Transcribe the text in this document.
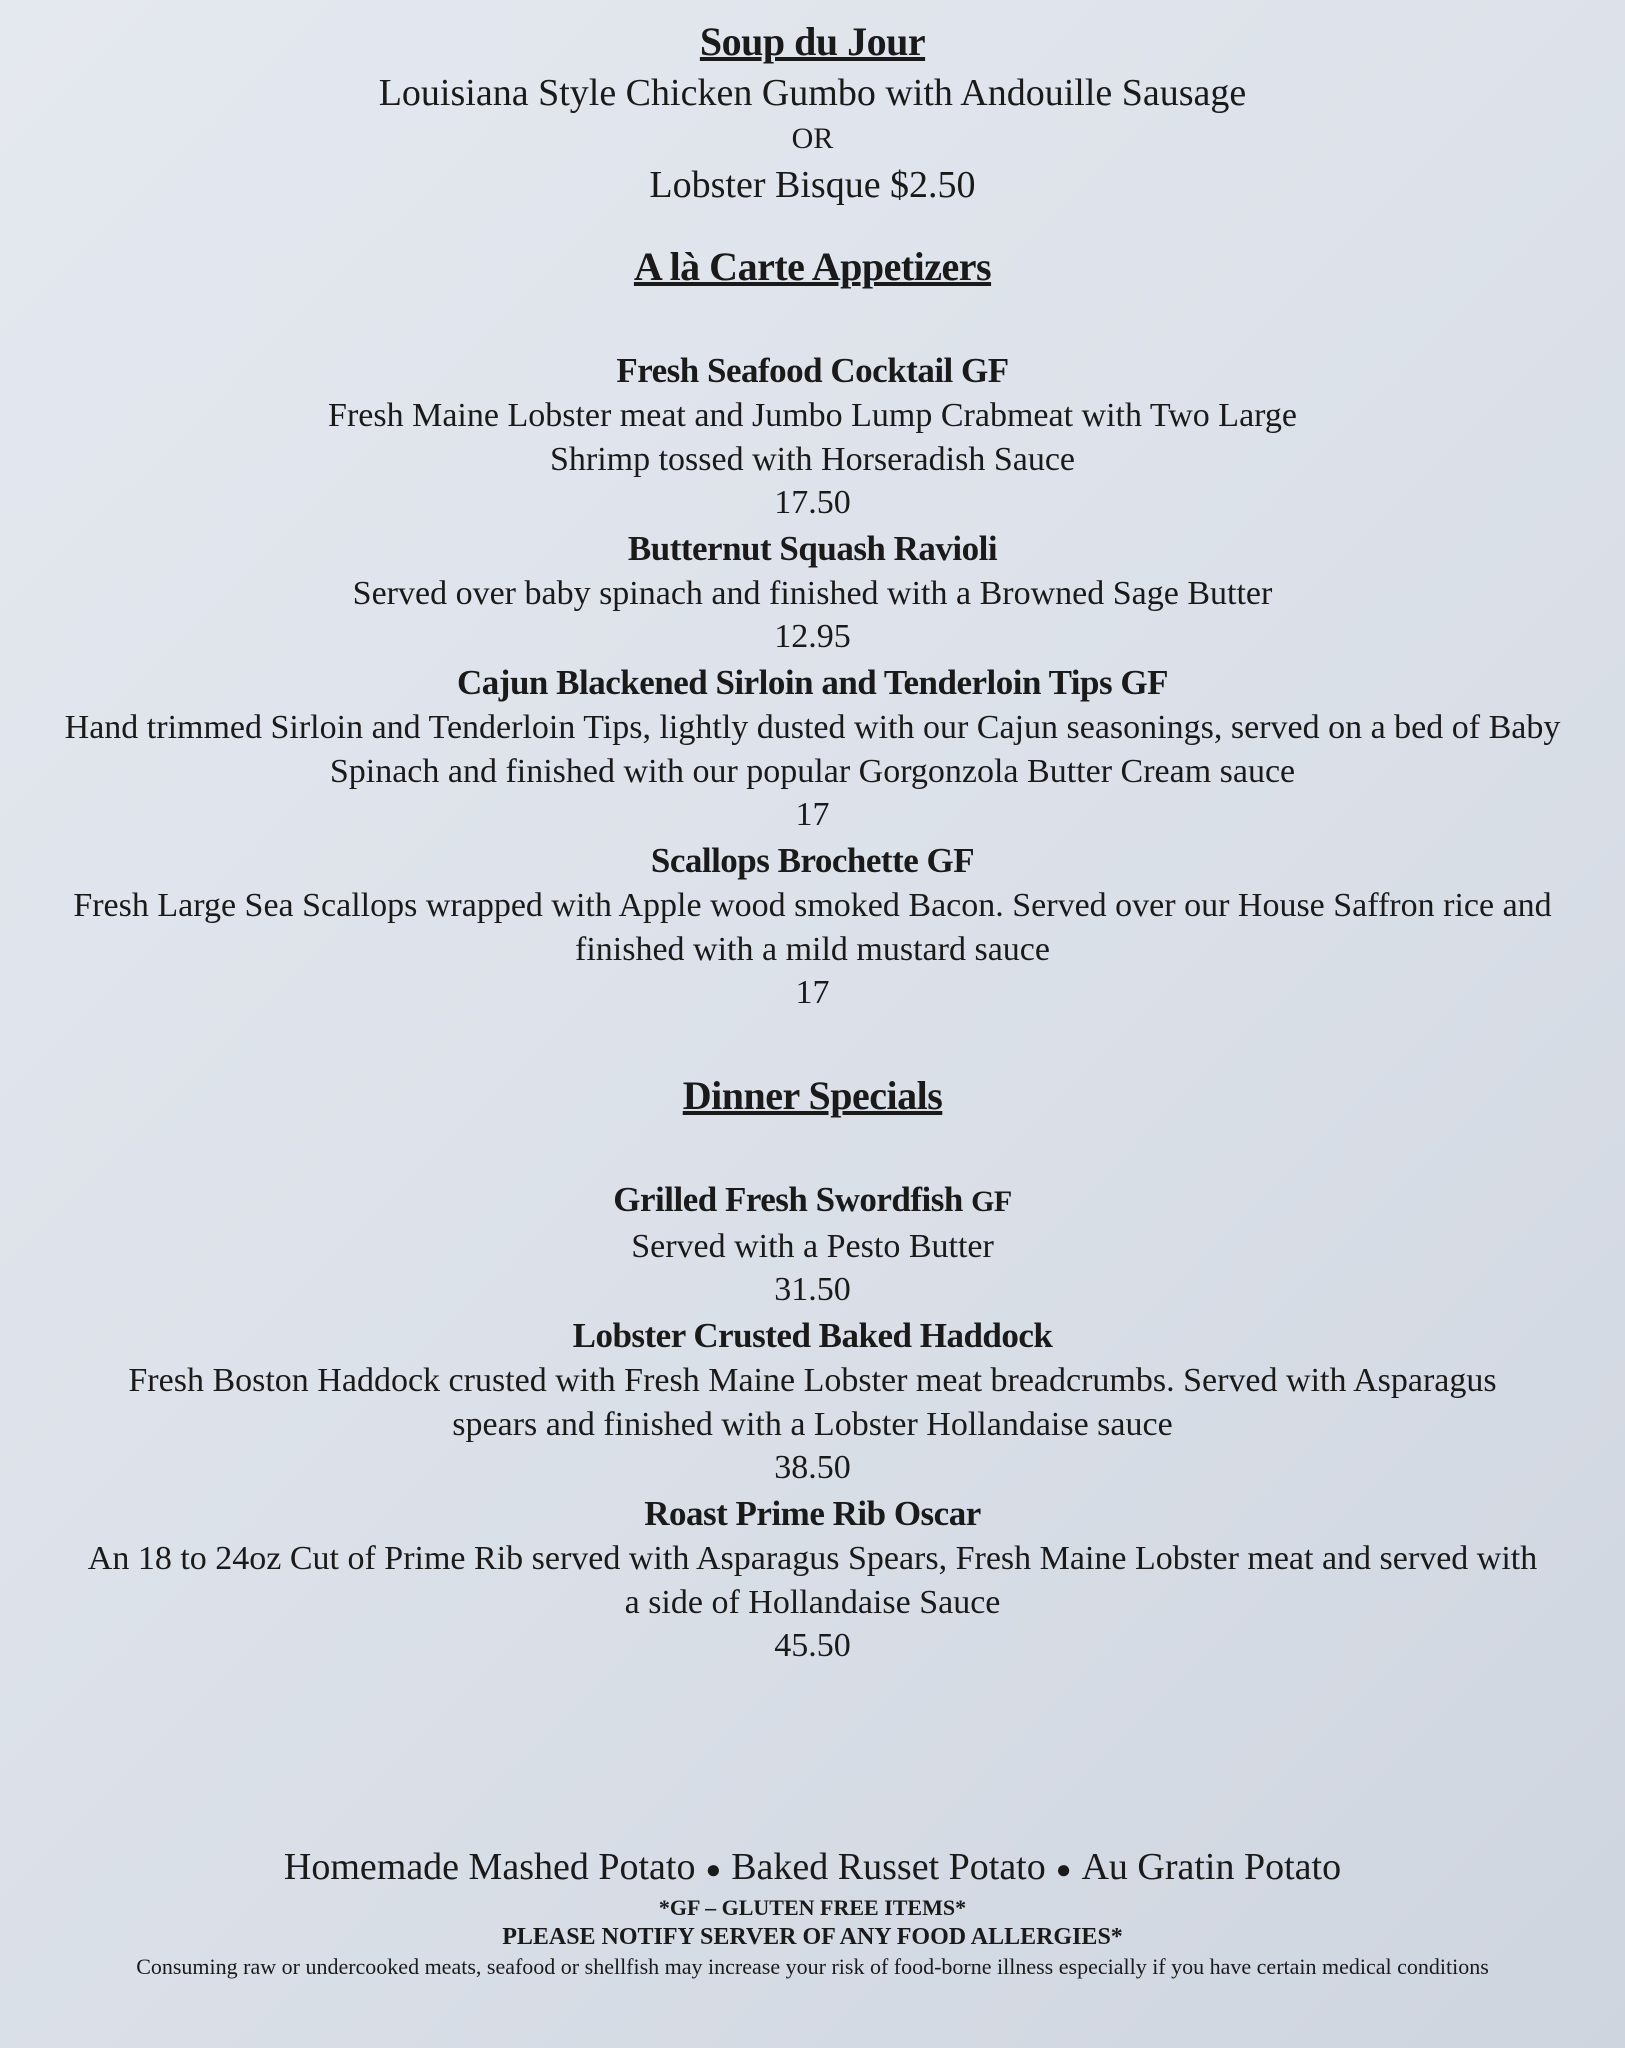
Soup du Jour
Louisiana Style Chicken Gumbo with Andouille Sausage
OR
Lobster Bisque $2.50
A là Carte Appetizers
Fresh Seafood Cocktail GF
Fresh Maine Lobster meat and Jumbo Lump Crabmeat with Two Large Shrimp tossed with Horseradish Sauce
17.50
Butternut Squash Ravioli
Served over baby spinach and finished with a Browned Sage Butter
12.95
Cajun Blackened Sirloin and Tenderloin Tips GF
Hand trimmed Sirloin and Tenderloin Tips, lightly dusted with our Cajun seasonings, served on a bed of Baby Spinach and finished with our popular Gorgonzola Butter Cream sauce
17
Scallops Brochette GF
Fresh Large Sea Scallops wrapped with Apple wood smoked Bacon. Served over our House Saffron rice and finished with a mild mustard sauce
17
Dinner Specials
Grilled Fresh Swordfish GF
Served with a Pesto Butter
31.50
Lobster Crusted Baked Haddock
Fresh Boston Haddock crusted with Fresh Maine Lobster meat breadcrumbs. Served with Asparagus spears and finished with a Lobster Hollandaise sauce
38.50
Roast Prime Rib Oscar
An 18 to 24oz Cut of Prime Rib served with Asparagus Spears, Fresh Maine Lobster meat and served with a side of Hollandaise Sauce
45.50
Homemade Mashed Potato ● Baked Russet Potato ● Au Gratin Potato
*GF – GLUTEN FREE ITEMS*
PLEASE NOTIFY SERVER OF ANY FOOD ALLERGIES*
Consuming raw or undercooked meats, seafood or shellfish may increase your risk of food-borne illness especially if you have certain medical conditions
